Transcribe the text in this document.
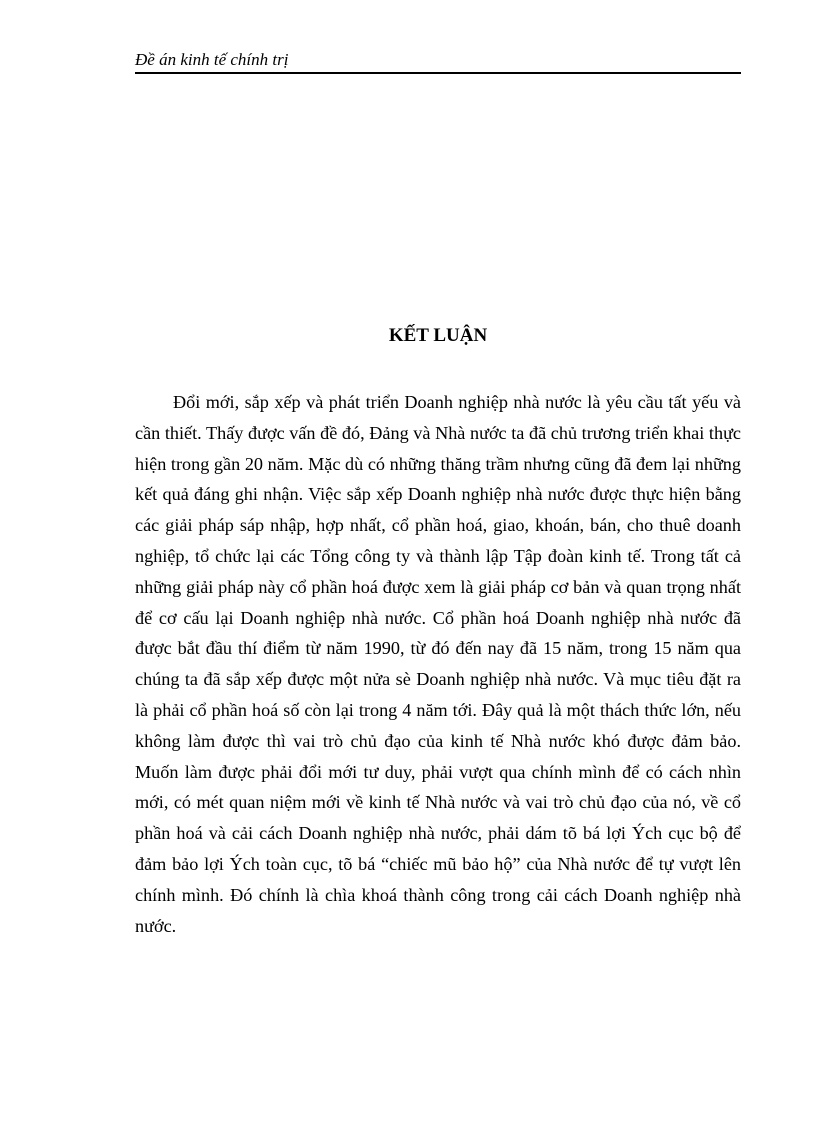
Đề án kinh tế chính trị
KẾT LUẬN

Đổi mới, sắp xếp và phát triển Doanh nghiệp nhà nước là yêu cầu tất yếu và cần thiết. Thấy được vấn đề đó, Đảng và Nhà nước ta đã chủ trương triển khai thực hiện trong gần 20 năm. Mặc dù có những thăng trầm nhưng cũng đã đem lại những kết quả đáng ghi nhận. Việc sắp xếp Doanh nghiệp nhà nước được thực hiện bằng các giải pháp sáp nhập, hợp nhất, cổ phần hoá, giao, khoán, bán, cho thuê doanh nghiệp, tổ chức lại các Tổng công ty và thành lập Tập đoàn kinh tế. Trong tất cả những giải pháp này cổ phần hoá được xem là giải pháp cơ bản và quan trọng nhất để cơ cấu lại Doanh nghiệp nhà nước. Cổ phần hoá Doanh nghiệp nhà nước đã được bắt đầu thí điểm từ năm 1990, từ đó đến nay đã 15 năm, trong 15 năm qua chúng ta đã sắp xếp được một nửa sè Doanh nghiệp nhà nước. Và mục tiêu đặt ra là phải cổ phần hoá số còn lại trong 4 năm tới. Đây quả là một thách thức lớn, nếu không làm được thì vai trò chủ đạo của kinh tế Nhà nước khó được đảm bảo. Muốn làm được phải đổi mới tư duy, phải vượt qua chính mình để có cách nhìn mới, có mét quan niệm mới về kinh tế Nhà nước và vai trò chủ đạo của nó, về cổ phần hoá và cải cách Doanh nghiệp nhà nước, phải dám tõ bá lợi Ých cục bộ để đảm bảo lợi Ých toàn cục, tõ bá “chiếc mũ bảo hộ” của Nhà nước để tự vượt lên chính mình. Đó chính là chìa khoá thành công trong cải cách Doanh nghiệp nhà nước.
